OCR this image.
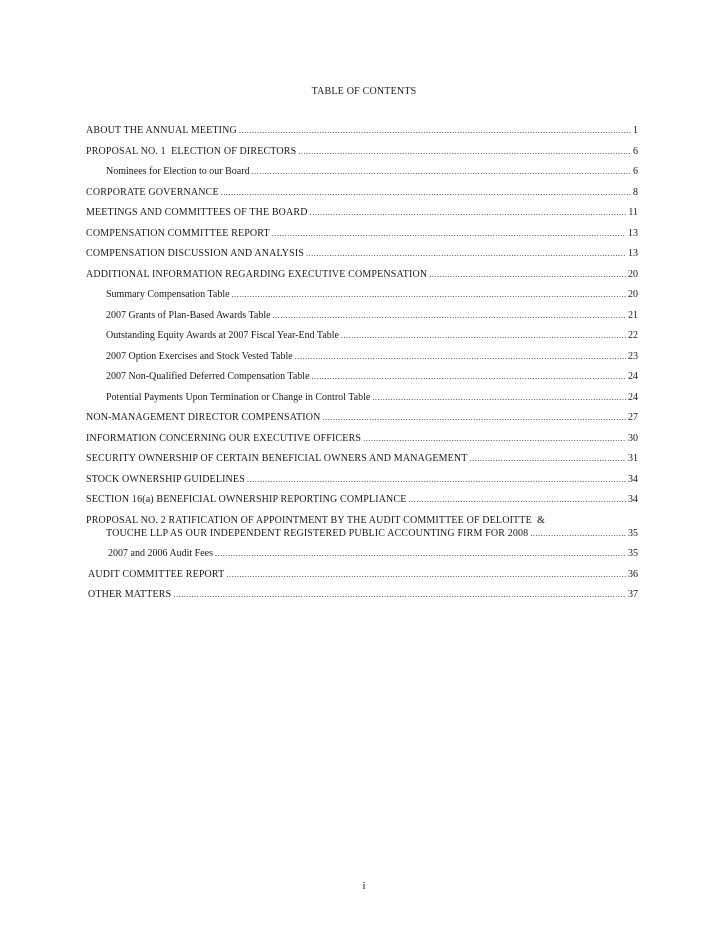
TABLE OF CONTENTS
ABOUT THE ANNUAL MEETING .....	1
PROPOSAL NO. 1  ELECTION OF DIRECTORS .....	6
Nominees for Election to our Board .....	6
CORPORATE GOVERNANCE .....	8
MEETINGS AND COMMITTEES OF THE BOARD .....	11
COMPENSATION COMMITTEE REPORT .....	13
COMPENSATION DISCUSSION AND ANALYSIS .....	13
ADDITIONAL INFORMATION REGARDING EXECUTIVE COMPENSATION .....	20
Summary Compensation Table .....	20
2007 Grants of Plan-Based Awards Table .....	21
Outstanding Equity Awards at 2007 Fiscal Year-End Table .....	22
2007 Option Exercises and Stock Vested Table .....	23
2007 Non-Qualified Deferred Compensation Table .....	24
Potential Payments Upon Termination or Change in Control Table .....	24
NON-MANAGEMENT DIRECTOR COMPENSATION .....	27
INFORMATION CONCERNING OUR EXECUTIVE OFFICERS .....	30
SECURITY OWNERSHIP OF CERTAIN BENEFICIAL OWNERS AND MANAGEMENT .....	31
STOCK OWNERSHIP GUIDELINES .....	34
SECTION 16(a) BENEFICIAL OWNERSHIP REPORTING COMPLIANCE .....	34
PROPOSAL NO. 2 RATIFICATION OF APPOINTMENT BY THE AUDIT COMMITTEE OF DELOITTE  &
TOUCHE LLP AS OUR INDEPENDENT REGISTERED PUBLIC ACCOUNTING FIRM FOR 2008 .....	35
2007 and 2006 Audit Fees .....	35
AUDIT COMMITTEE REPORT .....	36
OTHER MATTERS .....	37
i
